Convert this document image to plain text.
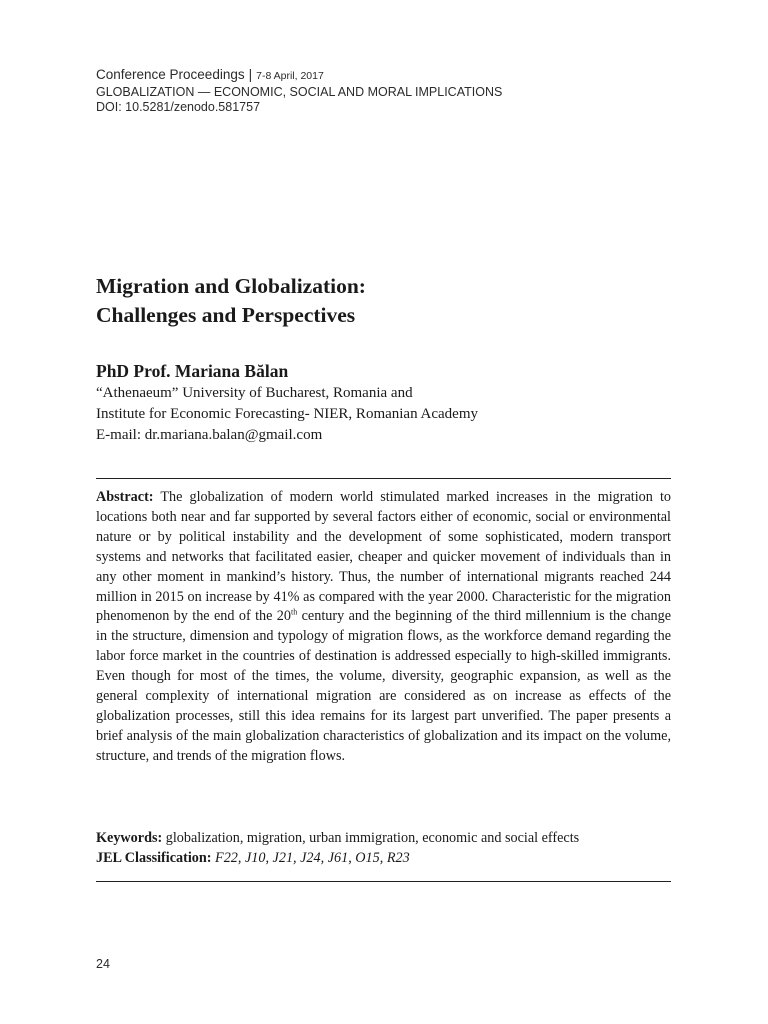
Conference Proceedings | 7-8 April, 2017
GLOBALIZATION — ECONOMIC, SOCIAL AND MORAL IMPLICATIONS
DOI: 10.5281/zenodo.581757
Migration and Globalization:
Challenges and Perspectives
PhD Prof. Mariana Bălan
“Athenaeum” University of Bucharest, Romania and
Institute for Economic Forecasting- NIER, Romanian Academy
E-mail: dr.mariana.balan@gmail.com

Abstract: The globalization of modern world stimulated marked increases in the migration to locations both near and far supported by several factors either of economic, social or environmental nature or by political instability and the development of some sophisticated, modern transport systems and networks that facilitated easier, cheaper and quicker movement of individuals than in any other moment in mankind’s history. Thus, the number of international migrants reached 244 million in 2015 on increase by 41% as compared with the year 2000. Characteristic for the migration phenomenon by the end of the 20th century and the beginning of the third millennium is the change in the structure, dimension and typology of migration flows, as the workforce demand regarding the labor force market in the countries of destination is addressed especially to high-skilled immigrants. Even though for most of the times, the volume, diversity, geographic expansion, as well as the general complexity of international migration are considered as on increase as effects of the globalization processes, still this idea remains for its largest part unverified. The paper presents a brief analysis of the main globalization characteristics of globalization and its impact on the volume, structure, and trends of the migration flows.

Keywords: globalization, migration, urban immigration, economic and social effects
JEL Classification: F22, J10, J21, J24, J61, O15, R23
24
